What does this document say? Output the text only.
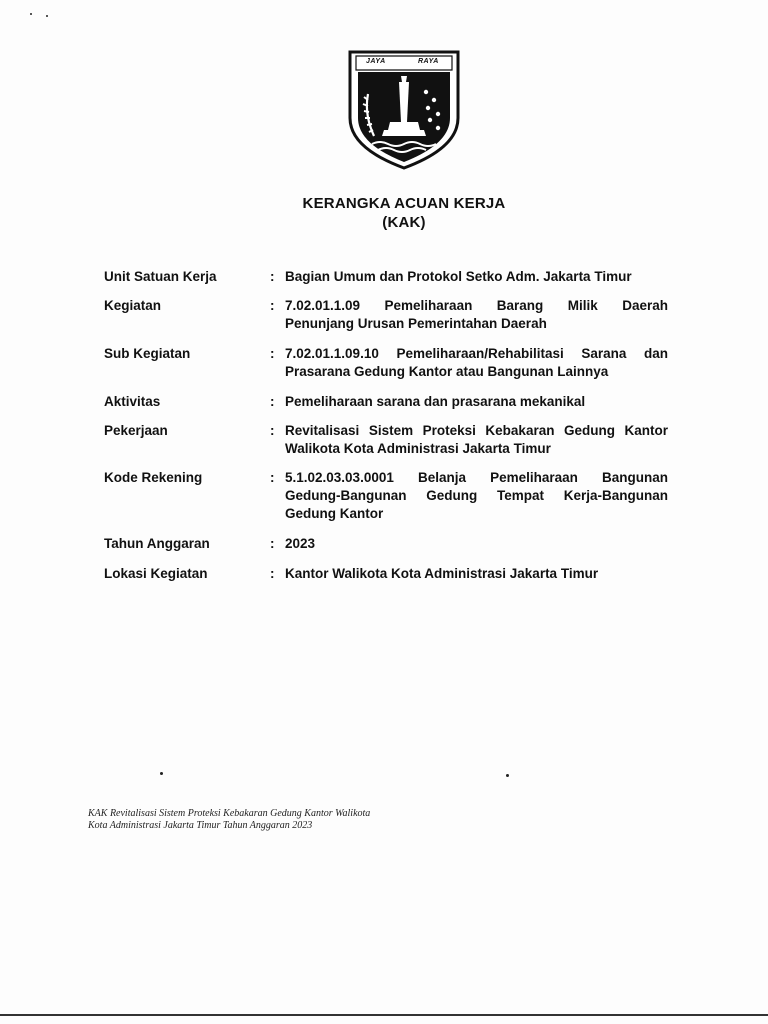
JAYA	RAYA
KERANGKA ACUAN KERJA
(KAK)
Unit Satuan Kerja	: Bagian Umum dan Protokol Setko Adm. Jakarta Timur
Kegiatan	: 7.02.01.1.09 Pemeliharaan Barang Milik Daerah
Penunjang Urusan Pemerintahan Daerah
Sub Kegiatan	: 7.02.01.1.09.10 Pemeliharaan/Rehabilitasi Sarana dan
Prasarana Gedung Kantor atau Bangunan Lainnya
Aktivitas	: Pemeliharaan sarana dan prasarana mekanikal
Pekerjaan	: Revitalisasi Sistem Proteksi Kebakaran Gedung Kantor
Walikota Kota Administrasi Jakarta Timur
Kode Rekening	: 5.1.02.03.03.0001 Belanja Pemeliharaan Bangunan
Gedung-Bangunan Gedung Tempat Kerja-Bangunan
Gedung Kantor
Tahun Anggaran	: 2023
Lokasi Kegiatan	: Kantor Walikota Kota Administrasi Jakarta Timur
KAK Revitalisasi Sistem Proteksi Kebakaran Gedung Kantor Walikota
Kota Administrasi Jakarta Timur Tahun Anggaran 2023
